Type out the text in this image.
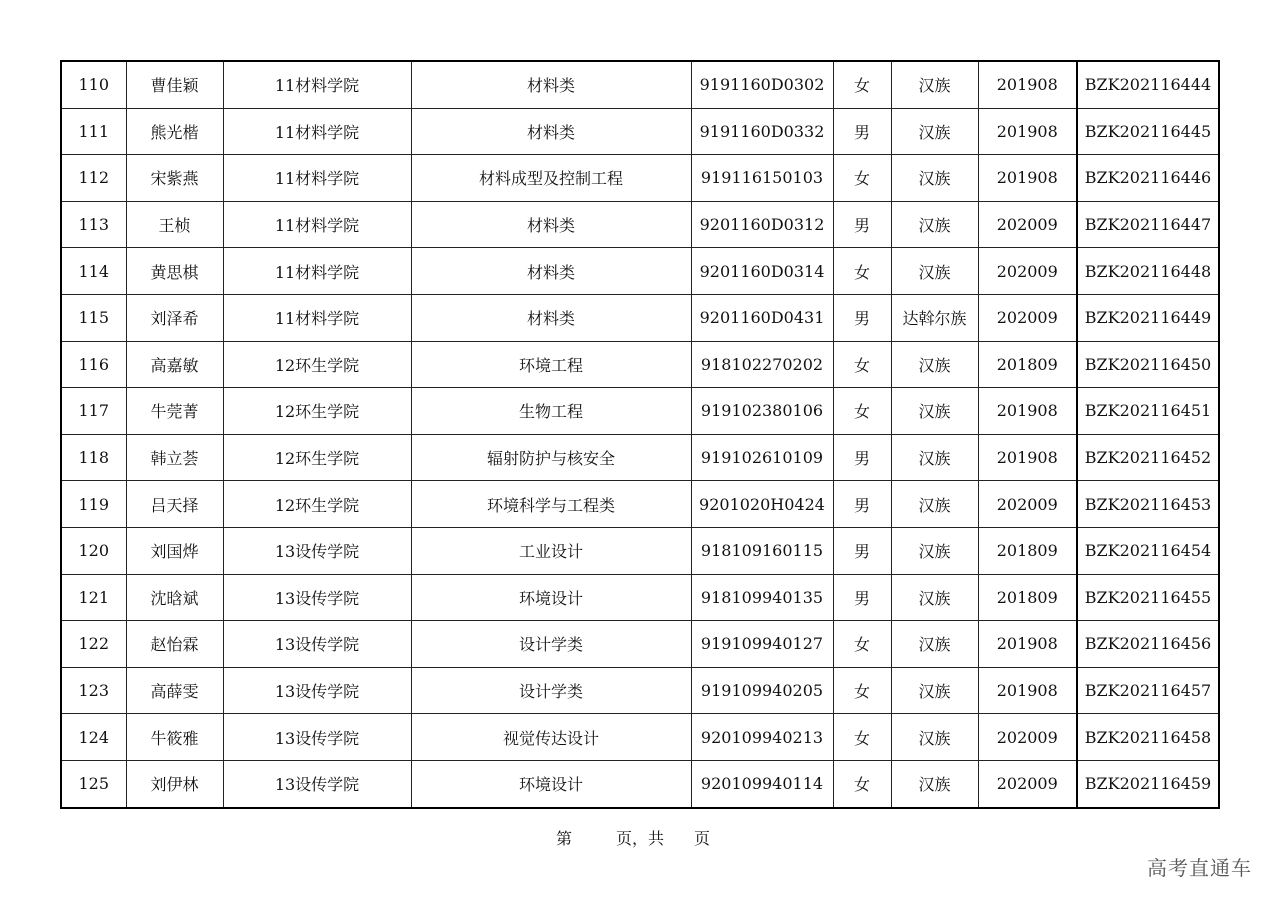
110	曹佳颖	11材料学院	材料类	9191160D0302	女	汉族	201908	BZK202116444
111	熊光楷	11材料学院	材料类	9191160D0332	男	汉族	201908	BZK202116445
112	宋紫燕	11材料学院	材料成型及控制工程	919116150103	女	汉族	201908	BZK202116446
113	王桢	11材料学院	材料类	9201160D0312	男	汉族	202009	BZK202116447
114	黄思棋	11材料学院	材料类	9201160D0314	女	汉族	202009	BZK202116448
115	刘泽希	11材料学院	材料类	9201160D0431	男	达斡尔族	202009	BZK202116449
116	高嘉敏	12环生学院	环境工程	918102270202	女	汉族	201809	BZK202116450
117	牛莞菁	12环生学院	生物工程	919102380106	女	汉族	201908	BZK202116451
118	韩立荟	12环生学院	辐射防护与核安全	919102610109	男	汉族	201908	BZK202116452
119	吕天择	12环生学院	环境科学与工程类	9201020H0424	男	汉族	202009	BZK202116453
120	刘国烨	13设传学院	工业设计	918109160115	男	汉族	201809	BZK202116454
121	沈晗斌	13设传学院	环境设计	918109940135	男	汉族	201809	BZK202116455
122	赵怡霖	13设传学院	设计学类	919109940127	女	汉族	201908	BZK202116456
123	高薛雯	13设传学院	设计学类	919109940205	女	汉族	201908	BZK202116457
124	牛筱雅	13设传学院	视觉传达设计	920109940213	女	汉族	202009	BZK202116458
125	刘伊林	13设传学院	环境设计	920109940114	女	汉族	202009	BZK202116459
第	页，共 页
高考直通车
